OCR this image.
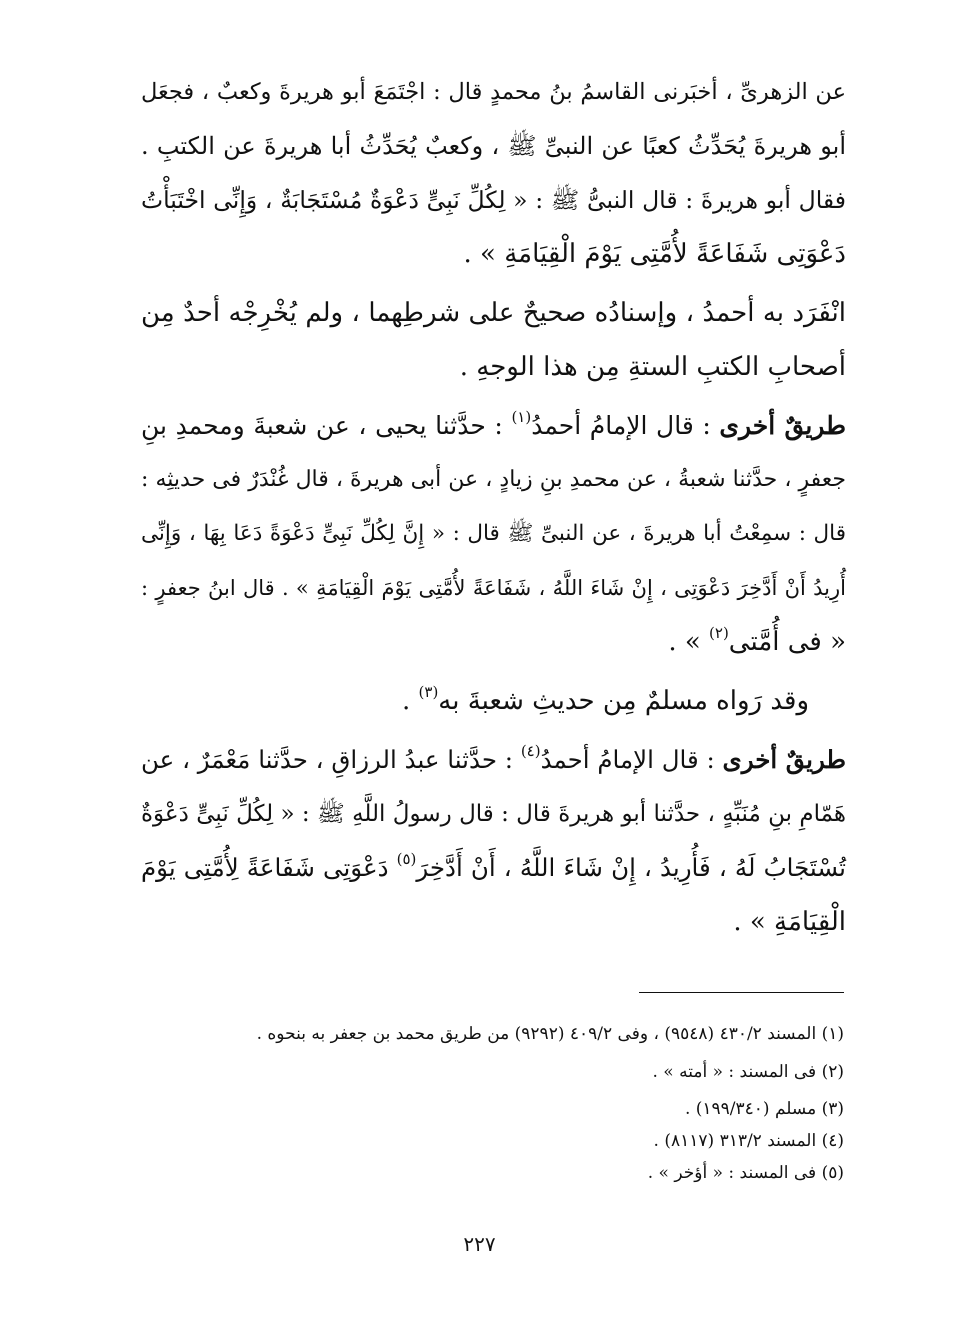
عن الزهرىِّ ، أخبَرنى القاسمُ بنُ محمدٍ قال : اجْتَمَعَ أبو هريرةَ وكعبٌ ، فجعَل
أبو هريرةَ يُحَدِّثُ كعبًا عن النبىِّ ﷺ ، وكعبٌ يُحَدِّثُ أبا هريرةَ عن الكتبِ .
فقال أبو هريرةَ : قال النبىُّ ﷺ : « لِكُلِّ نَبِىٍّ دَعْوَةٌ مُسْتَجَابَةٌ ، وَإِنِّى اخْتَبَأْتُ
دَعْوَتِى شَفَاعَةً لأُمَّتِى يَوْمَ الْقِيَامَةِ » .
انْفَرَد به أحمدُ ، وإسنادُه صحيحٌ على شرطِهما ، ولم يُخْرِجْه أحدٌ مِن
أصحابِ الكتبِ الستةِ مِن هذا الوجهِ .
طريقٌ أخرى : قال الإمامُ أحمدُ$^{(١)}$ : حدَّثنا يحيى ، عن شعبةَ ومحمدِ بنِ
جعفرٍ ، حدَّثنا شعبةُ ، عن محمدِ بنِ زيادٍ ، عن أبى هريرةَ ، قال غُنْدَرٌ فى حديثِه :
قال : سمِعْتُ أبا هريرةَ ، عن النبىِّ ﷺ قال : « إِنَّ لِكُلِّ نَبِىٍّ دَعْوَةً دَعَا بِهَا ، وَإِنِّى
أُرِيدُ أَنْ أَدَّخِرَ دَعْوَتِى ، إِنْ شَاءَ اللَّهُ ، شَفَاعَةً لأُمَّتِى يَوْمَ الْقِيَامَةِ » . قال ابنُ جعفرٍ :
« فى أُمَّتى$^{(٢)}$ » .
وقد رَواه مسلمٌ مِن حديثِ شعبةَ به$^{(٣)}$ .
طريقٌ أخرى : قال الإمامُ أحمدُ$^{(٤)}$ : حدَّثنا عبدُ الرزاقِ ، حدَّثنا مَعْمَرٌ ، عن
هَمّامِ بنِ مُنَبِّهٍ ، حدَّثنا أبو هريرةَ قال : قال رسولُ اللَّهِ ﷺ : « لِكُلِّ نَبِىٍّ دَعْوَةٌ
تُسْتَجَابُ لَهُ ، فَأُرِيدُ ، إِنْ شَاءَ اللَّهُ ، أَنْ أَدَّخِرَ$^{(٥)}$ دَعْوَتِى شَفَاعَةً لِأُمَّتِى يَوْمَ
الْقِيَامَةِ » .
(١) المسند ٤٣٠/٢ (٩٥٤٨) ، وفى ٤٠٩/٢ (٩٢٩٢) من طريق محمد بن جعفر به بنحوه .
(٢) فى المسند : « أمته » .
(٣) مسلم (١٩٩/٣٤٠) .
(٤) المسند ٣١٣/٢ (٨١١٧) .
(٥) فى المسند : « أؤخر » .
٢٢٧
